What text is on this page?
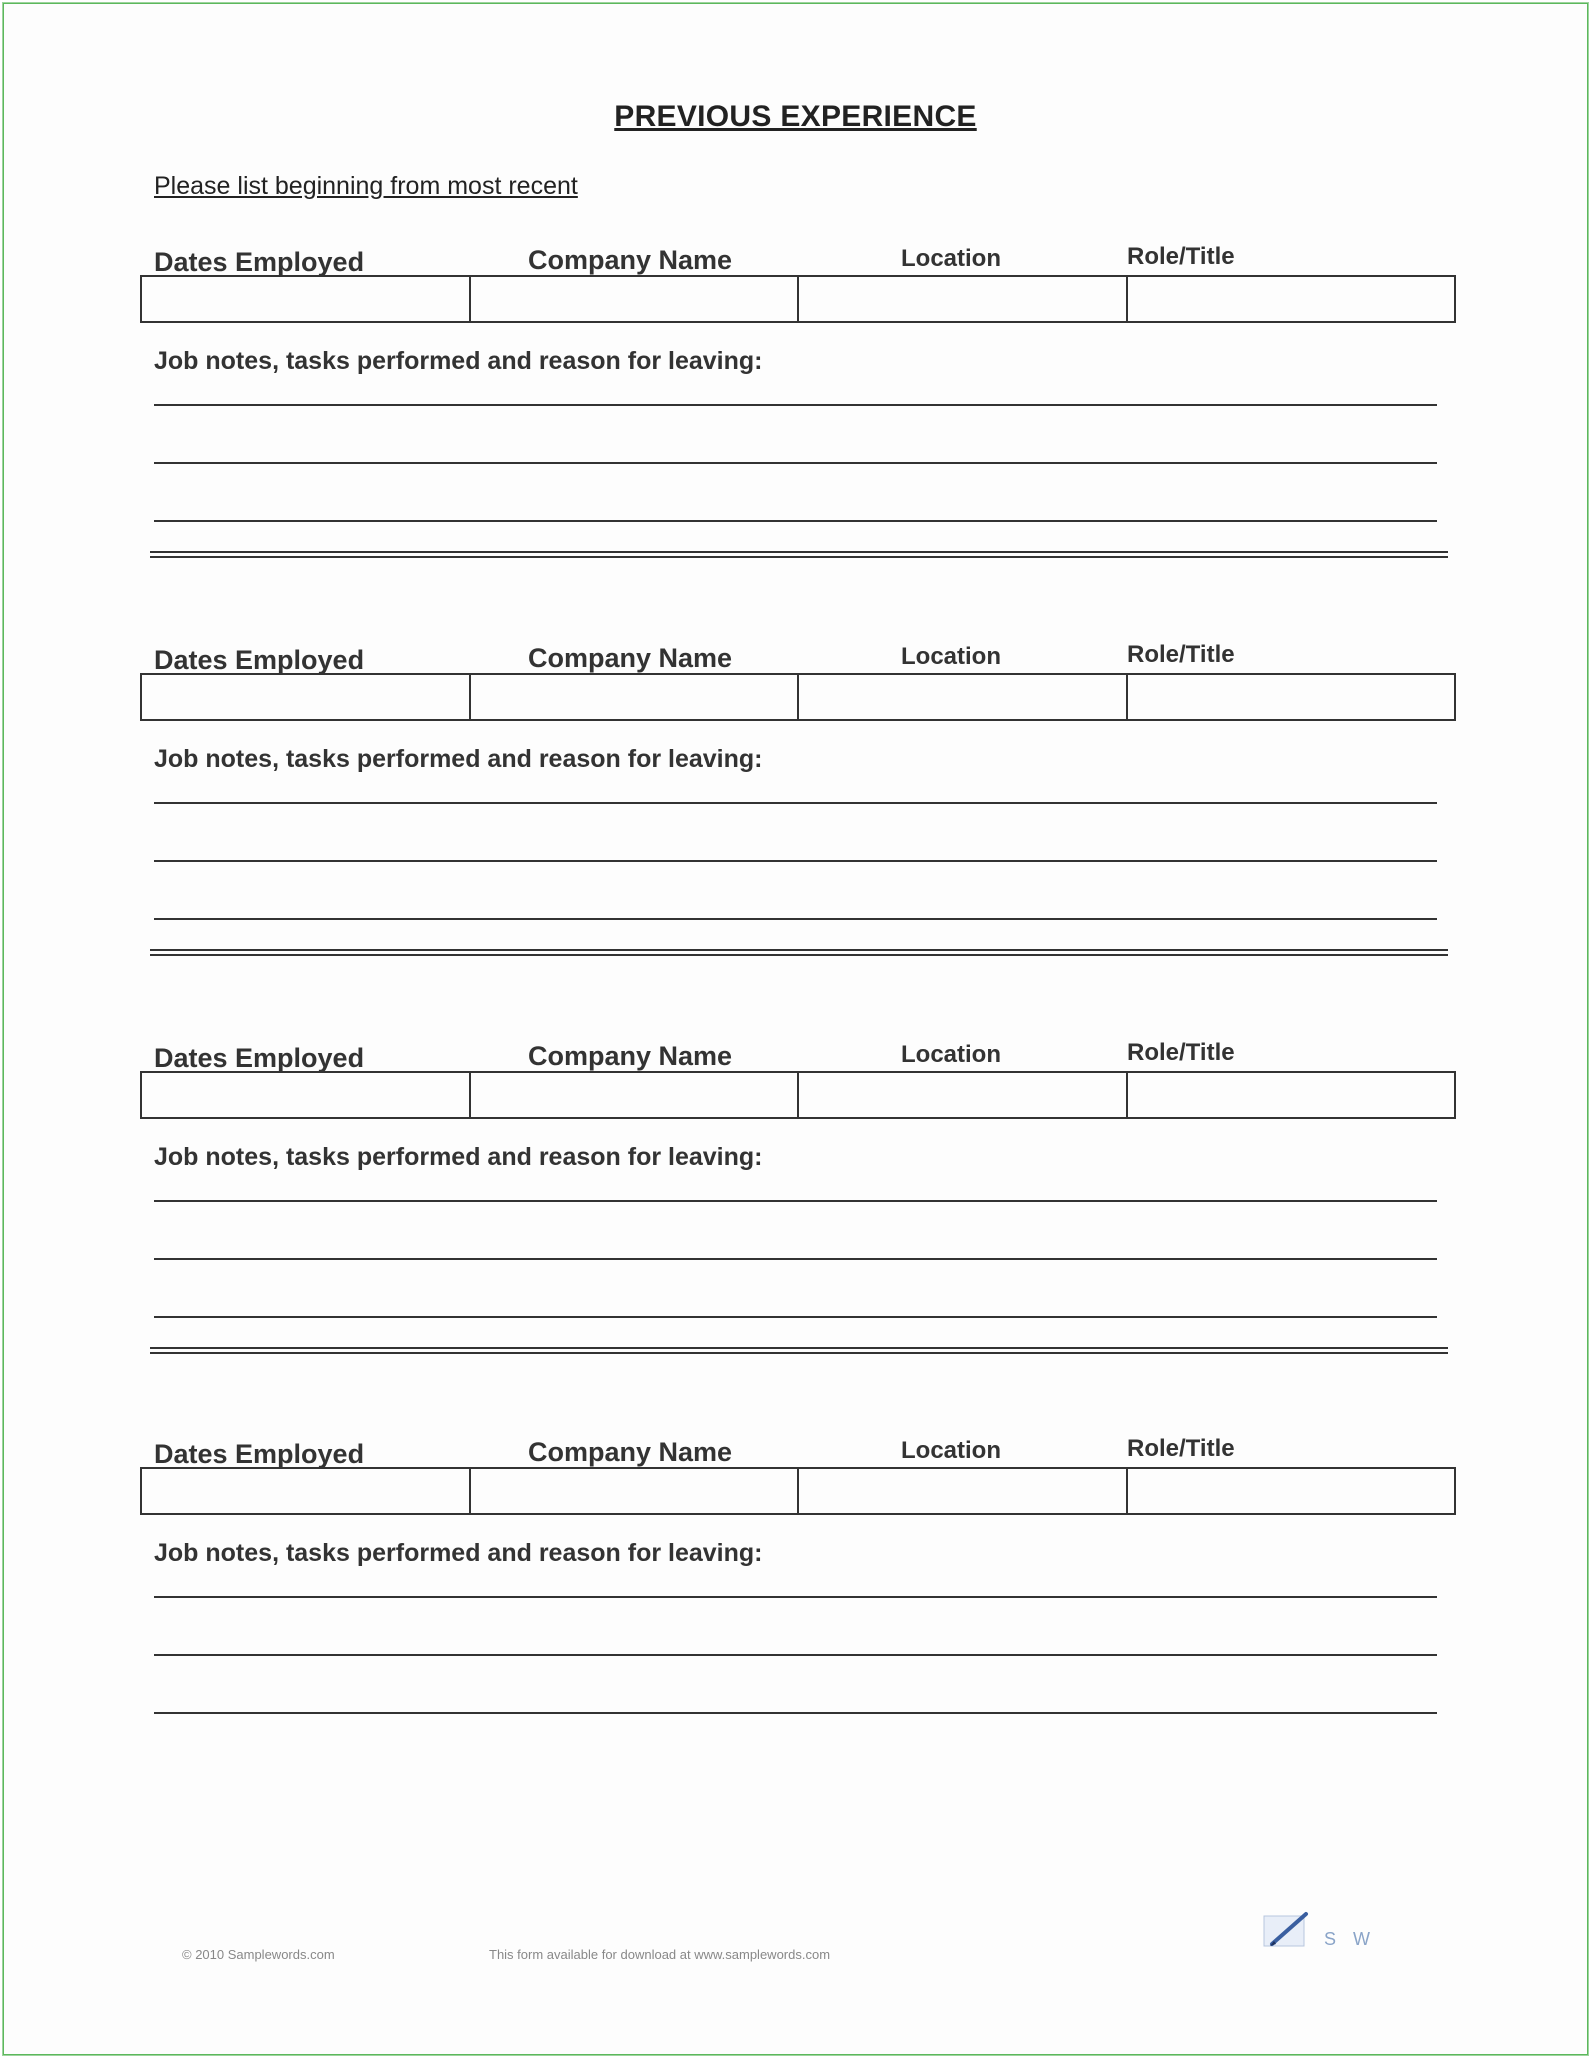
PREVIOUS EXPERIENCE
Please list beginning from most recent
Dates Employed	Company Name	Location	Role/Title
Job notes, tasks performed and reason for leaving:
Dates Employed	Company Name	Location	Role/Title
Job notes, tasks performed and reason for leaving:
Dates Employed	Company Name	Location	Role/Title
Job notes, tasks performed and reason for leaving:
Dates Employed	Company Name	Location	Role/Title
Job notes, tasks performed and reason for leaving:
© 2010 Samplewords.com	This form available for download at www.samplewords.com
S W
